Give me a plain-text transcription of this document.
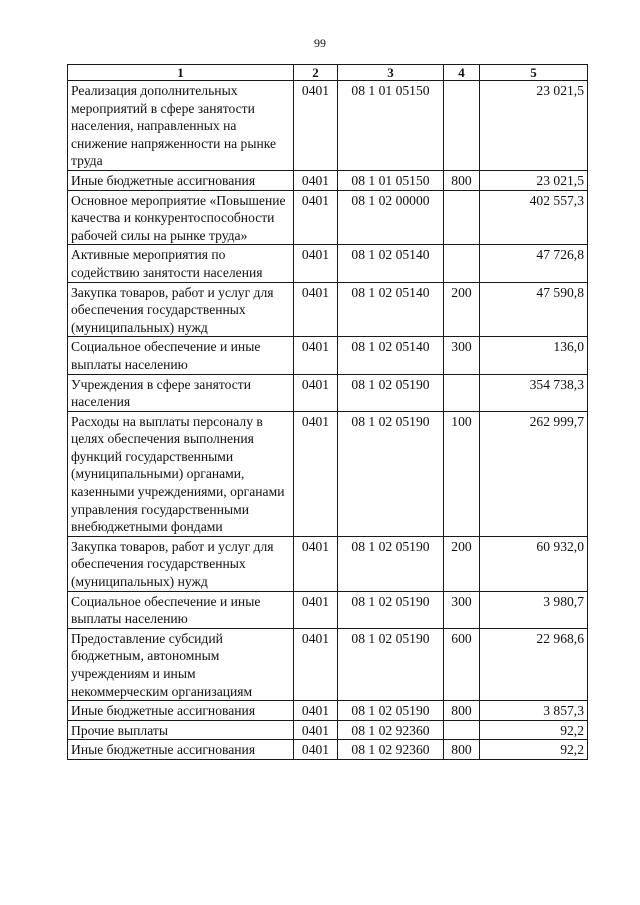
99
1	2	3	4	5
Реализация дополнительных мероприятий в сфере занятости населения, направленных на снижение напряженности на рынке труда	0401	08 1 01 05150		23 021,5
Иные бюджетные ассигнования	0401	08 1 01 05150	800	23 021,5
Основное мероприятие «Повышение качества и конкурентоспособности рабочей силы на рынке труда»	0401	08 1 02 00000		402 557,3
Активные мероприятия по содействию занятости населения	0401	08 1 02 05140		47 726,8
Закупка товаров, работ и услуг для обеспечения государственных (муниципальных) нужд	0401	08 1 02 05140	200	47 590,8
Социальное обеспечение и иные выплаты населению	0401	08 1 02 05140	300	136,0
Учреждения в сфере занятости населения	0401	08 1 02 05190		354 738,3
Расходы на выплаты персоналу в целях обеспечения выполнения функций государственными (муниципальными) органами, казенными учреждениями, органами управления государственными внебюджетными фондами	0401	08 1 02 05190	100	262 999,7
Закупка товаров, работ и услуг для обеспечения государственных (муниципальных) нужд	0401	08 1 02 05190	200	60 932,0
Социальное обеспечение и иные выплаты населению	0401	08 1 02 05190	300	3 980,7
Предоставление субсидий бюджетным, автономным учреждениям и иным некоммерческим организациям	0401	08 1 02 05190	600	22 968,6
Иные бюджетные ассигнования	0401	08 1 02 05190	800	3 857,3
Прочие выплаты	0401	08 1 02 92360		92,2
Иные бюджетные ассигнования	0401	08 1 02 92360	800	92,2
